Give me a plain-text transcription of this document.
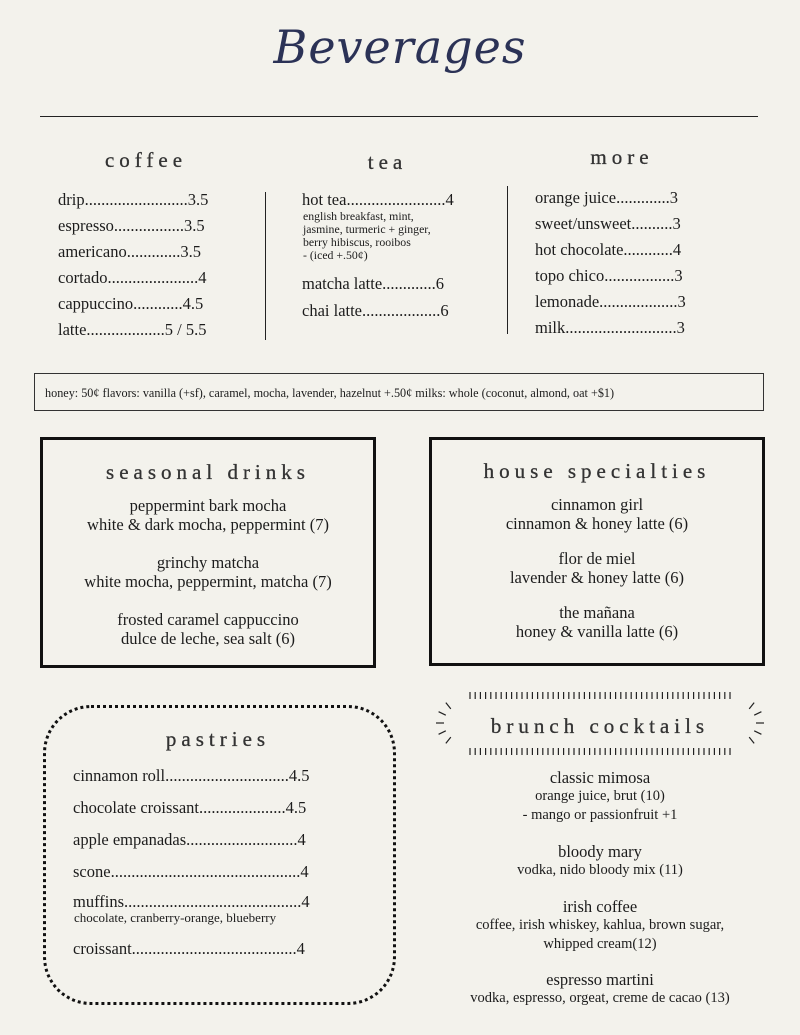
Beverages
coffee
drip.........................3.5
espresso.................3.5
americano.............3.5
cortado......................4
cappuccino............4.5
latte...................5 / 5.5
tea
hot tea........................4
english breakfast, mint,
jasmine, turmeric + ginger,
berry hibiscus, rooibos
- (iced +.50¢)
matcha latte.............6
chai latte...................6
more
orange juice.............3
sweet/unsweet..........3
hot chocolate............4
topo chico.................3
lemonade...................3
milk...........................3
honey: 50¢ flavors: vanilla (+sf), caramel, mocha, lavender, hazelnut +.50¢ milks: whole (coconut, almond, oat +$1)
seasonal drinks

peppermint bark mocha

white & dark mocha, peppermint (7)

grinchy matcha

white mocha, peppermint, matcha (7)

frosted caramel cappuccino

dulce de leche, sea salt (6)

house specialties

cinnamon girl

cinnamon & honey latte (6)

flor de miel

lavender & honey latte (6)

the mañana

honey & vanilla latte (6)

pastries
cinnamon roll..............................4.5
chocolate croissant.....................4.5
apple empanadas...........................4
scone..............................................4
muffins...........................................4
chocolate, cranberry-orange, blueberry
croissant........................................4
brunch cocktails

classic mimosa

orange juice, brut (10)

- mango or passionfruit +1

bloody mary

vodka, nido bloody mix (11)

irish coffee

coffee, irish whiskey, kahlua, brown sugar,

whipped cream(12)

espresso martini

vodka, espresso, orgeat, creme de cacao (13)
